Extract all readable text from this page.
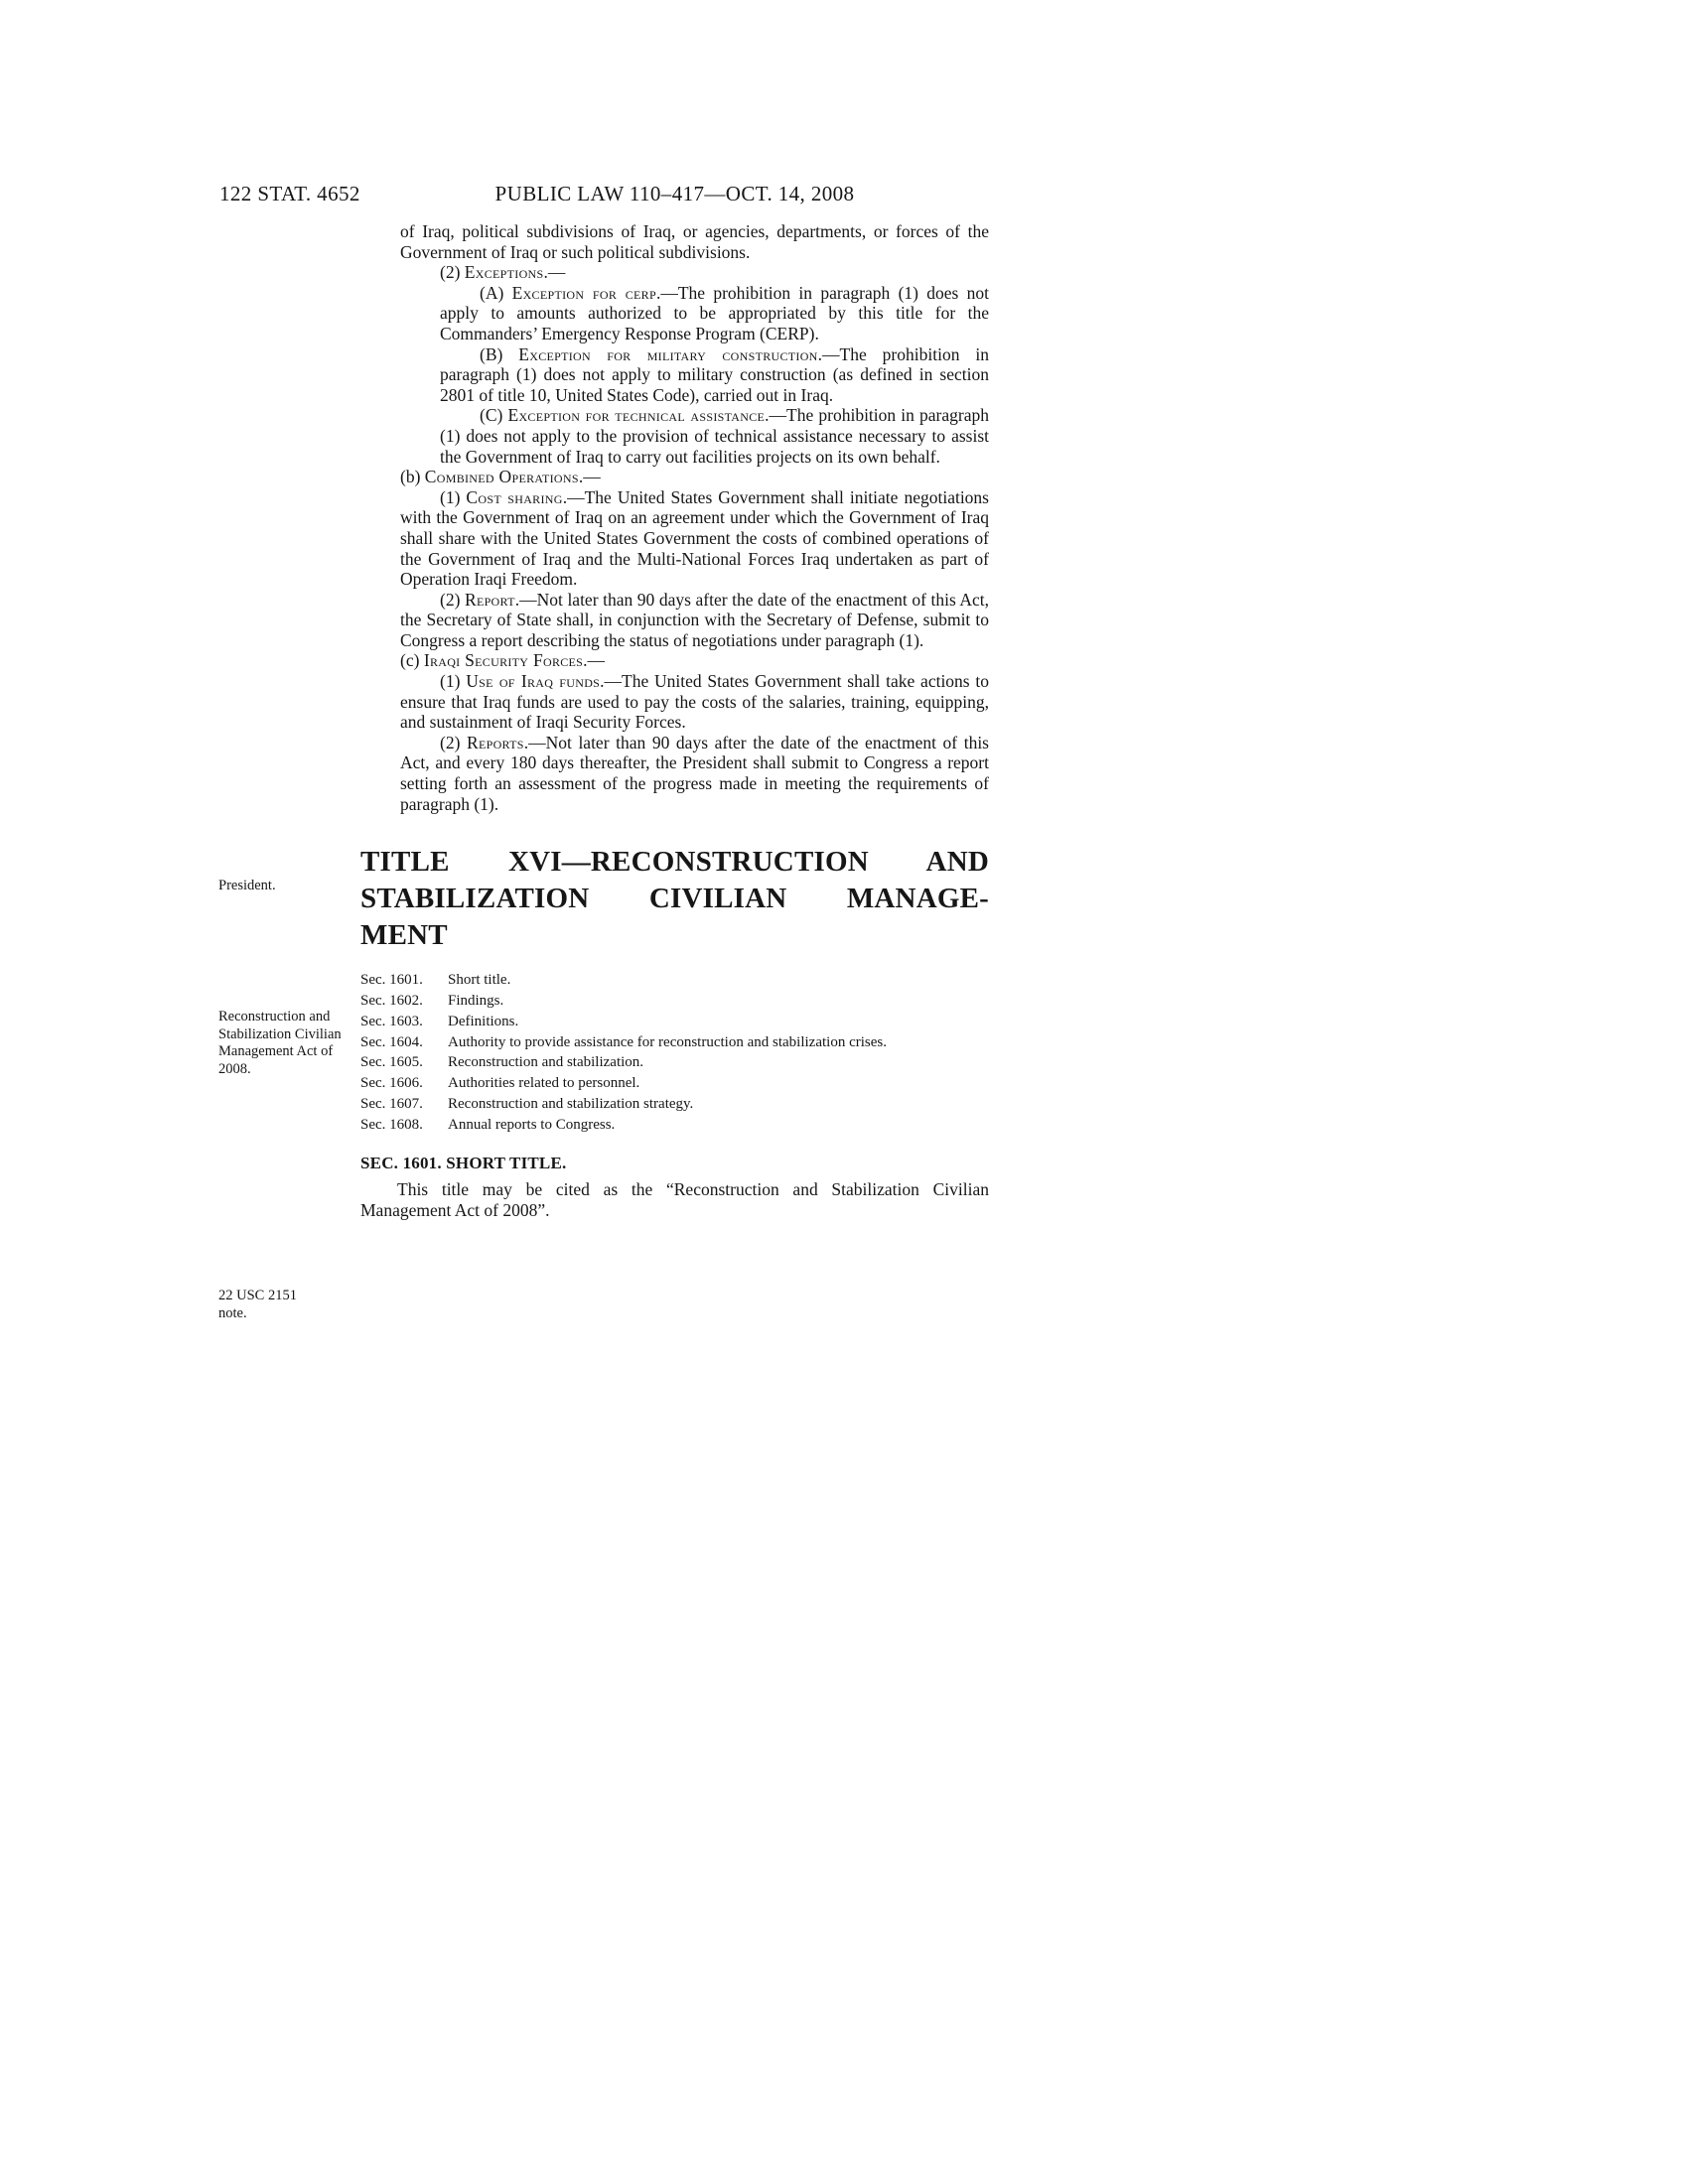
122 STAT. 4652	PUBLIC LAW 110–417—OCT. 14, 2008
President.
Reconstruction and Stabilization Civilian Management Act of 2008.
22 USC 2151 note.
of Iraq, political subdivisions of Iraq, or agencies, departments, or forces of the Government of Iraq or such political subdivisions.
(2) Exceptions.—
(A) Exception for cerp.—The prohibition in paragraph (1) does not apply to amounts authorized to be appropriated by this title for the Commanders’ Emergency Response Program (CERP).
(B) Exception for military construction.—The prohibition in paragraph (1) does not apply to military construction (as defined in section 2801 of title 10, United States Code), carried out in Iraq.
(C) Exception for technical assistance.—The prohibition in paragraph (1) does not apply to the provision of technical assistance necessary to assist the Government of Iraq to carry out facilities projects on its own behalf.
(b) Combined Operations.—
(1) Cost sharing.—The United States Government shall initiate negotiations with the Government of Iraq on an agreement under which the Government of Iraq shall share with the United States Government the costs of combined operations of the Government of Iraq and the Multi-National Forces Iraq undertaken as part of Operation Iraqi Freedom.
(2) Report.—Not later than 90 days after the date of the enactment of this Act, the Secretary of State shall, in conjunction with the Secretary of Defense, submit to Congress a report describing the status of negotiations under paragraph (1).
(c) Iraqi Security Forces.—
(1) Use of Iraq funds.—The United States Government shall take actions to ensure that Iraq funds are used to pay the costs of the salaries, training, equipping, and sustainment of Iraqi Security Forces.
(2) Reports.—Not later than 90 days after the date of the enactment of this Act, and every 180 days thereafter, the President shall submit to Congress a report setting forth an assessment of the progress made in meeting the requirements of paragraph (1).
TITLE XVI—RECONSTRUCTION AND
STABILIZATION CIVILIAN MANAGE-
MENT
Sec. 1601. Short title.
Sec. 1602. Findings.
Sec. 1603. Definitions.
Sec. 1604. Authority to provide assistance for reconstruction and stabilization crises.
Sec. 1605. Reconstruction and stabilization.
Sec. 1606. Authorities related to personnel.
Sec. 1607. Reconstruction and stabilization strategy.
Sec. 1608. Annual reports to Congress.
SEC. 1601. SHORT TITLE.
This title may be cited as the “Reconstruction and Stabilization Civilian Management Act of 2008”.
